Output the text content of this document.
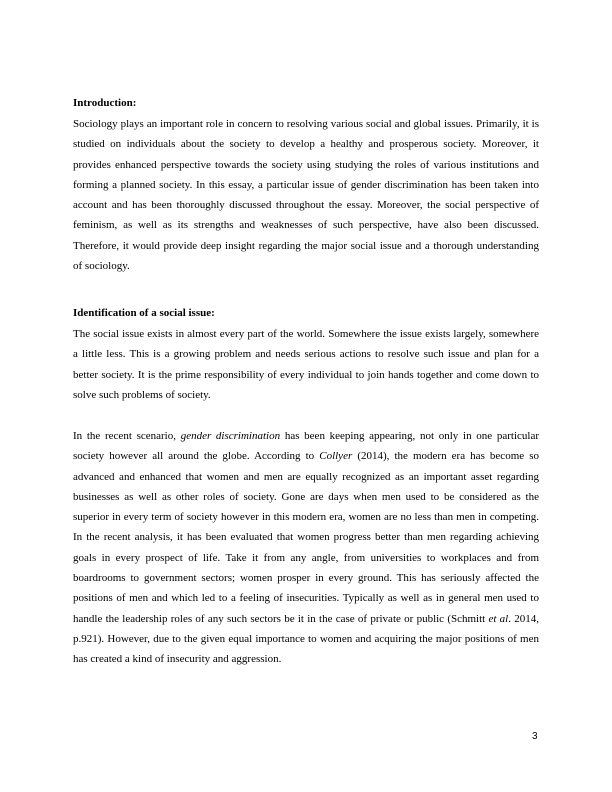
Introduction:

Sociology plays an important role in concern to resolving various social and global issues. Primarily, it is studied on individuals about the society to develop a healthy and prosperous society. Moreover, it provides enhanced perspective towards the society using studying the roles of various institutions and forming a planned society. In this essay, a particular issue of gender discrimination has been taken into account and has been thoroughly discussed throughout the essay. Moreover, the social perspective of feminism, as well as its strengths and weaknesses of such perspective, have also been discussed. Therefore, it would provide deep insight regarding the major social issue and a thorough understanding of sociology.

Identification of a social issue:

The social issue exists in almost every part of the world. Somewhere the issue exists largely, somewhere a little less. This is a growing problem and needs serious actions to resolve such issue and plan for a better society. It is the prime responsibility of every individual to join hands together and come down to solve such problems of society.

In the recent scenario, gender discrimination has been keeping appearing, not only in one particular society however all around the globe. According to Collyer (2014), the modern era has become so advanced and enhanced that women and men are equally recognized as an important asset regarding businesses as well as other roles of society. Gone are days when men used to be considered as the superior in every term of society however in this modern era, women are no less than men in competing. In the recent analysis, it has been evaluated that women progress better than men regarding achieving goals in every prospect of life. Take it from any angle, from universities to workplaces and from boardrooms to government sectors; women prosper in every ground. This has seriously affected the positions of men and which led to a feeling of insecurities. Typically as well as in general men used to handle the leadership roles of any such sectors be it in the case of private or public (Schmitt et al. 2014, p.921). However, due to the given equal importance to women and acquiring the major positions of men has created a kind of insecurity and aggression.

3
